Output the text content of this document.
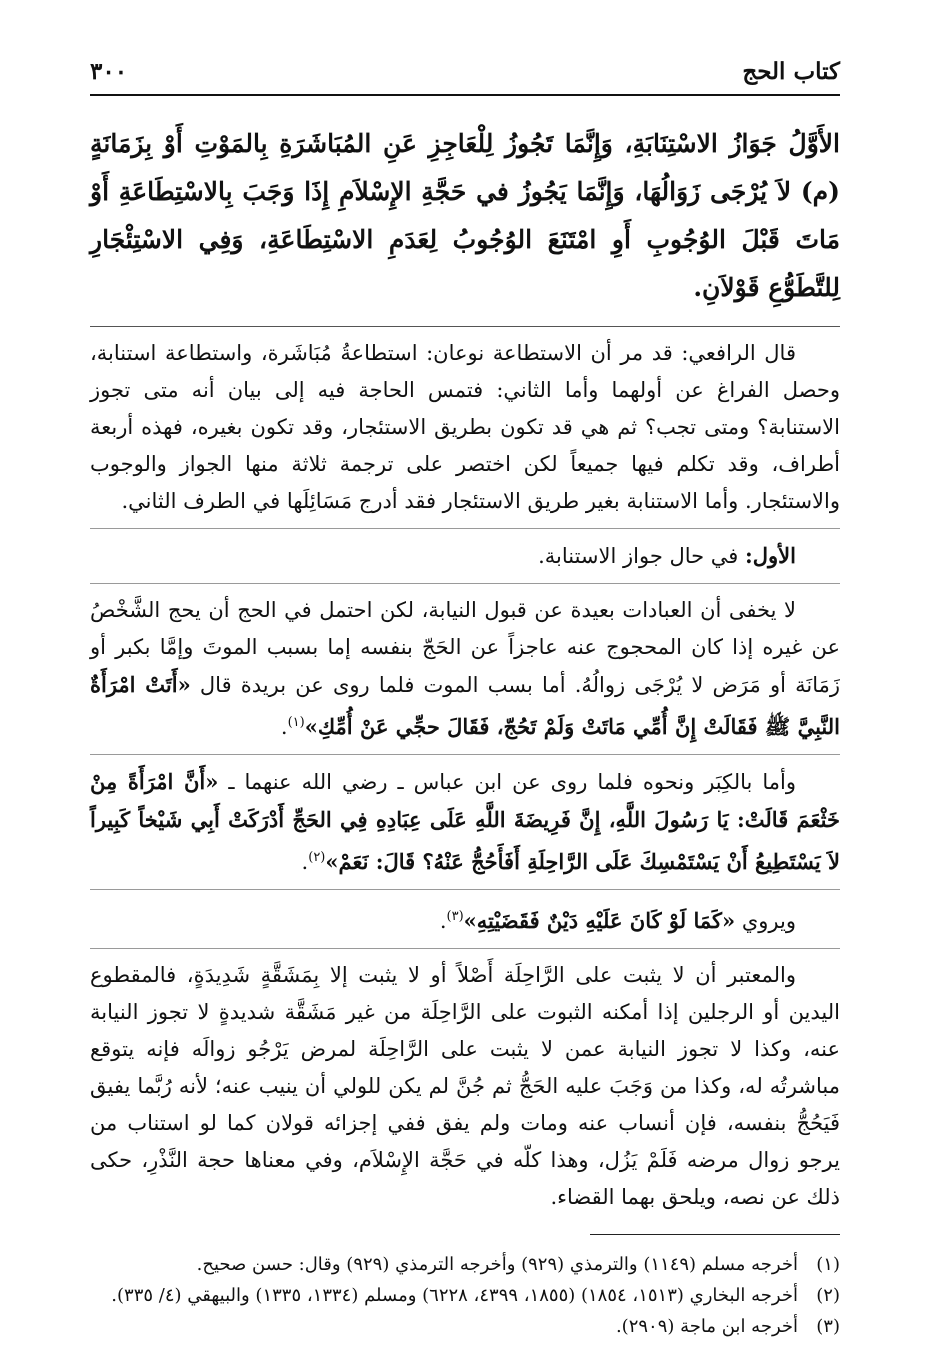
كتاب الحج
٣٠٠
الأَوَّلُ جَوَازُ الاسْتِنَابَةِ، وَإِنَّمَا تَجُوزُ لِلْعَاجِزِ عَنِ المُبَاشَرَةِ بِالمَوْتِ أَوْ بِزَمَانَةٍ (م) لاَ يُرْجَى زَوَالُهَا، وَإِنَّمَا يَجُوزُ في حَجَّةِ الإِسْلاَمِ إِذَا وَجَبَ بِالاسْتِطَاعَةِ أَوْ مَاتَ قَبْلَ الوُجُوبِ أَوِ امْتَنَعَ الوُجُوبُ لِعَدَمِ الاسْتِطَاعَةِ، وَفِي الاسْتِئْجَارِ لِلتَّطَوُّعِ قَوْلاَنِ.

قال الرافعي: قد مر أن الاستطاعة نوعان: استطاعةُ مُبَاشَرة، واستطاعة استنابة، وحصل الفراغ عن أولهما وأما الثاني: فتمس الحاجة فيه إلى بيان أنه متى تجوز الاستنابة؟ ومتى تجب؟ ثم هي قد تكون بطريق الاستئجار، وقد تكون بغيره، فهذه أربعة أطراف، وقد تكلم فيها جميعاً لكن اختصر على ترجمة ثلاثة منها الجواز والوجوب والاستئجار. وأما الاستنابة بغير طريق الاستئجار فقد أدرج مَسَائِلَها في الطرف الثاني.

الأول: في حال جواز الاستنابة.

لا يخفى أن العبادات بعيدة عن قبول النيابة، لكن احتمل في الحج أن يحج الشَّخْصُ عن غيره إذا كان المحجوج عنه عاجزاً عن الحَجّ بنفسه إما بسبب الموتَ وإمَّا بكبر أو زَمَانَة أو مَرَض لا يُرْجَى زوالُهُ. أما بسب الموت فلما روى عن بريدة قال «أَتَتْ امْرَأَةٌ النَّبِيَّ ﷺ فَقَالَتْ إِنَّ أُمِّي مَاتَتْ وَلَمْ تَحُجّ، فَقَالَ حجِّي عَنْ أُمِّكِ»$^{(١)}$.

وأما بالكِبَر ونحوه فلما روى عن ابن عباس ـ رضي الله عنهما ـ «أَنَّ امْرَأَةً مِنْ خَثْعَمَ قَالَتْ: يَا رَسُولَ اللَّهِ، إِنَّ فَرِيضَةَ اللَّهِ عَلَى عِبَادِهِ فِي الحَجِّ أَدْرَكَتْ أَبِي شَيْخاً كَبِيراً لاَ يَسْتَطِيعُ أَنْ يَسْتَمْسِكَ عَلَى الرَّاحِلَةِ أَفَأَحُجُّ عَنْهُ؟ قَالَ: نَعَمْ»$^{(٢)}$.

ويروي «كَمَا لَوْ كَانَ عَلَيْهِ دَيْنٌ فَقَضَيْتِهِ»$^{(٣)}$.

والمعتبر أن لا يثبت على الرَّاحِلَة أَصْلاً أو لا يثبت إلا بِمَشَقَّةٍ شَدِيدَةٍ، فالمقطوع اليدين أو الرجلين إذا أمكنه الثبوت على الرَّاحِلَة من غير مَشَقَّة شديدةٍ لا تجوز النيابة عنه، وكذا لا تجوز النيابة عمن لا يثبت على الرَّاحِلَة لمرض يَرْجُو زوالَه فإنه يتوقع مباشرتُه له، وكذا من وَجَبَ عليه الحَجُّ ثم جُنَّ لم يكن للولي أن ينيب عنه؛ لأنه رُبَّما يفيق فَيَحُجُّ بنفسه، فإن أنساب عنه ومات ولم يفق ففي إجزائه قولان كما لو استناب من يرجو زوال مرضه فَلَمْ يَزُل، وهذا كلّه في حَجَّة الإِسْلاَم، وفي معناها حجة النَّذْرِ، حكى ذلك عن نصه، ويلحق بهما القضاء.

(١)
أخرجه مسلم (١١٤٩) والترمذي (٩٢٩) وأخرجه الترمذي (٩٢٩) وقال: حسن صحيح.
(٢)
أخرجه البخاري (١٥١٣، ١٨٥٤) (١٨٥٥، ٤٣٩٩، ٦٢٢٨) ومسلم (١٣٣٤، ١٣٣٥) والبيهقي (٤/ ٣٣٥).
(٣)
أخرجه ابن ماجة (٢٩٠٩).
